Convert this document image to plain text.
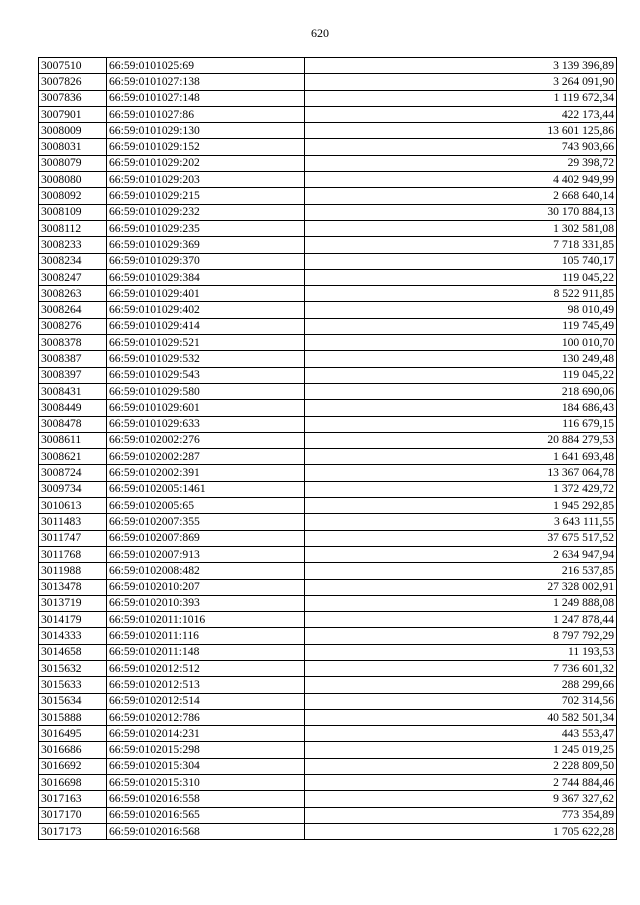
620
3007510	66:59:0101025:69	3 139 396,89
3007826	66:59:0101027:138	3 264 091,90
3007836	66:59:0101027:148	1 119 672,34
3007901	66:59:0101027:86	422 173,44
3008009	66:59:0101029:130	13 601 125,86
3008031	66:59:0101029:152	743 903,66
3008079	66:59:0101029:202	29 398,72
3008080	66:59:0101029:203	4 402 949,99
3008092	66:59:0101029:215	2 668 640,14
3008109	66:59:0101029:232	30 170 884,13
3008112	66:59:0101029:235	1 302 581,08
3008233	66:59:0101029:369	7 718 331,85
3008234	66:59:0101029:370	105 740,17
3008247	66:59:0101029:384	119 045,22
3008263	66:59:0101029:401	8 522 911,85
3008264	66:59:0101029:402	98 010,49
3008276	66:59:0101029:414	119 745,49
3008378	66:59:0101029:521	100 010,70
3008387	66:59:0101029:532	130 249,48
3008397	66:59:0101029:543	119 045,22
3008431	66:59:0101029:580	218 690,06
3008449	66:59:0101029:601	184 686,43
3008478	66:59:0101029:633	116 679,15
3008611	66:59:0102002:276	20 884 279,53
3008621	66:59:0102002:287	1 641 693,48
3008724	66:59:0102002:391	13 367 064,78
3009734	66:59:0102005:1461	1 372 429,72
3010613	66:59:0102005:65	1 945 292,85
3011483	66:59:0102007:355	3 643 111,55
3011747	66:59:0102007:869	37 675 517,52
3011768	66:59:0102007:913	2 634 947,94
3011988	66:59:0102008:482	216 537,85
3013478	66:59:0102010:207	27 328 002,91
3013719	66:59:0102010:393	1 249 888,08
3014179	66:59:0102011:1016	1 247 878,44
3014333	66:59:0102011:116	8 797 792,29
3014658	66:59:0102011:148	11 193,53
3015632	66:59:0102012:512	7 736 601,32
3015633	66:59:0102012:513	288 299,66
3015634	66:59:0102012:514	702 314,56
3015888	66:59:0102012:786	40 582 501,34
3016495	66:59:0102014:231	443 553,47
3016686	66:59:0102015:298	1 245 019,25
3016692	66:59:0102015:304	2 228 809,50
3016698	66:59:0102015:310	2 744 884,46
3017163	66:59:0102016:558	9 367 327,62
3017170	66:59:0102016:565	773 354,89
3017173	66:59:0102016:568	1 705 622,28
